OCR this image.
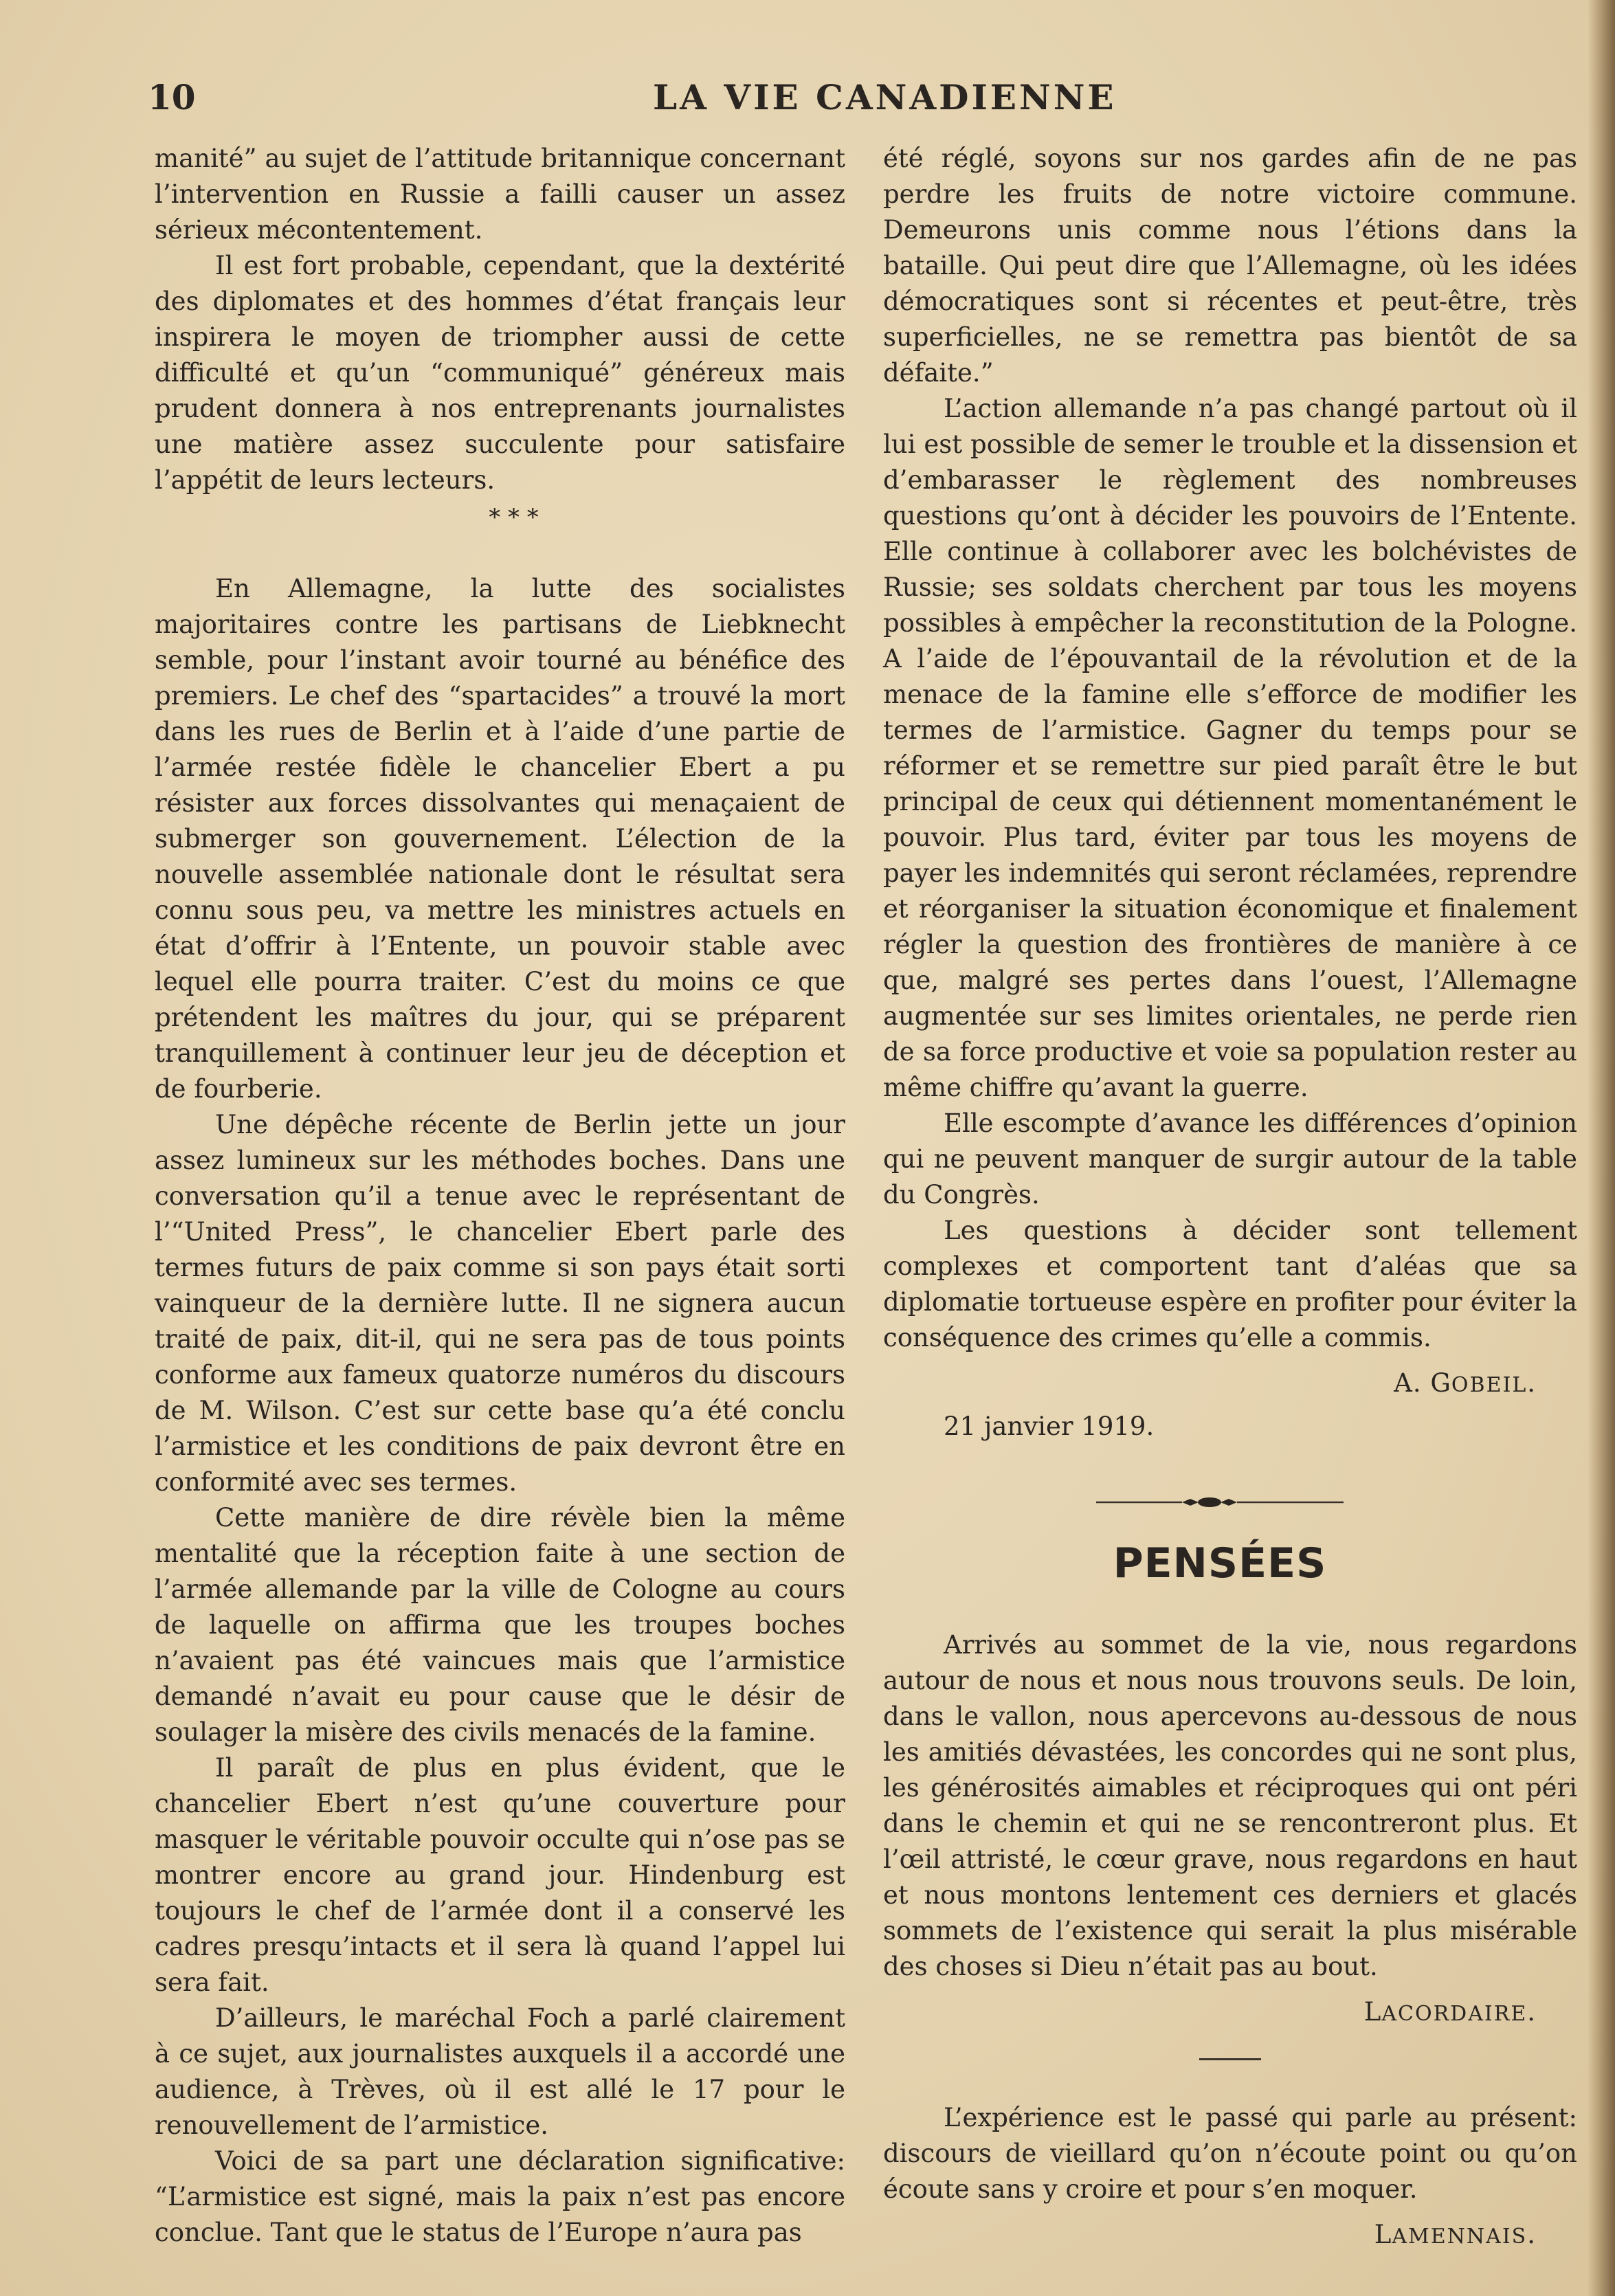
10	LA VIE CANADIENNE

manité” au sujet de l’attitude britannique concernant l’intervention en Russie a failli causer un assez sérieux mécontentement.

Il est fort probable, cependant, que la dextérité des diplomates et des hommes d’état français leur inspirera le moyen de triompher aussi de cette difficulté et qu’un “communiqué” généreux mais prudent donnera à nos entreprenants journalistes une matière assez succulente pour satisfaire l’appétit de leurs lecteurs.

* * *

En Allemagne, la lutte des socialistes majoritaires contre les partisans de Liebknecht semble, pour l’instant avoir tourné au bénéfice des premiers. Le chef des “spartacides” a trouvé la mort dans les rues de Berlin et à l’aide d’une partie de l’armée restée fidèle le chancelier Ebert a pu résister aux forces dissolvantes qui menaçaient de submerger son gouvernement. L’élection de la nouvelle assemblée nationale dont le résultat sera connu sous peu, va mettre les ministres actuels en état d’offrir à l’Entente, un pouvoir stable avec lequel elle pourra traiter. C’est du moins ce que prétendent les maîtres du jour, qui se préparent tranquillement à continuer leur jeu de déception et de fourberie.

Une dépêche récente de Berlin jette un jour assez lumineux sur les méthodes boches. Dans une conversation qu’il a tenue avec le représentant de l’“United Press”, le chancelier Ebert parle des termes futurs de paix comme si son pays était sorti vainqueur de la dernière lutte. Il ne signera aucun traité de paix, dit-il, qui ne sera pas de tous points conforme aux fameux quatorze numéros du discours de M. Wilson. C’est sur cette base qu’a été conclu l’armistice et les conditions de paix devront être en conformité avec ses termes.

Cette manière de dire révèle bien la même mentalité que la réception faite à une section de l’armée allemande par la ville de Cologne au cours de laquelle on affirma que les troupes boches n’avaient pas été vaincues mais que l’armistice demandé n’avait eu pour cause que le désir de soulager la misère des civils menacés de la famine.

Il paraît de plus en plus évident, que le chancelier Ebert n’est qu’une couverture pour masquer le véritable pouvoir occulte qui n’ose pas se montrer encore au grand jour. Hindenburg est toujours le chef de l’armée dont il a conservé les cadres presqu’intacts et il sera là quand l’appel lui sera fait.

D’ailleurs, le maréchal Foch a parlé clairement à ce sujet, aux journalistes auxquels il a accordé une audience, à Trèves, où il est allé le 17 pour le renouvellement de l’armistice.

Voici de sa part une déclaration significative: “L’armistice est signé, mais la paix n’est pas encore conclue. Tant que le status de l’Europe n’aura pas

été réglé, soyons sur nos gardes afin de ne pas perdre les fruits de notre victoire commune. Demeurons unis comme nous l’étions dans la bataille. Qui peut dire que l’Allemagne, où les idées démocratiques sont si récentes et peut-être, très superficielles, ne se remettra pas bientôt de sa défaite.”

L’action allemande n’a pas changé partout où il lui est possible de semer le trouble et la dissension et d’embarasser le règlement des nombreuses questions qu’ont à décider les pouvoirs de l’Entente. Elle continue à collaborer avec les bolchévistes de Russie; ses soldats cherchent par tous les moyens possibles à empêcher la reconstitution de la Pologne. A l’aide de l’épouvantail de la révolution et de la menace de la famine elle s’efforce de modifier les termes de l’armistice. Gagner du temps pour se réformer et se remettre sur pied paraît être le but principal de ceux qui détiennent momentanément le pouvoir. Plus tard, éviter par tous les moyens de payer les indemnités qui seront réclamées, reprendre et réorganiser la situation économique et finalement régler la question des frontières de manière à ce que, malgré ses pertes dans l’ouest, l’Allemagne augmentée sur ses limites orientales, ne perde rien de sa force productive et voie sa population rester au même chiffre qu’avant la guerre.

Elle escompte d’avance les différences d’opinion qui ne peuvent manquer de surgir autour de la table du Congrès.

Les questions à décider sont tellement complexes et comportent tant d’aléas que sa diplomatie tortueuse espère en profiter pour éviter la conséquence des crimes qu’elle a commis.

A. GOBEIL.

21 janvier 1919.

PENSÉES

Arrivés au sommet de la vie, nous regardons autour de nous et nous nous trouvons seuls. De loin, dans le vallon, nous apercevons au-dessous de nous les amitiés dévastées, les concordes qui ne sont plus, les générosités aimables et réciproques qui ont péri dans le chemin et qui ne se rencontreront plus. Et l’œil attristé, le cœur grave, nous regardons en haut et nous montons lentement ces derniers et glacés sommets de l’existence qui serait la plus misérable des choses si Dieu n’était pas au bout.

LACORDAIRE.

L’expérience est le passé qui parle au présent: discours de vieillard qu’on n’écoute point ou qu’on écoute sans y croire et pour s’en moquer.

LAMENNAIS.
